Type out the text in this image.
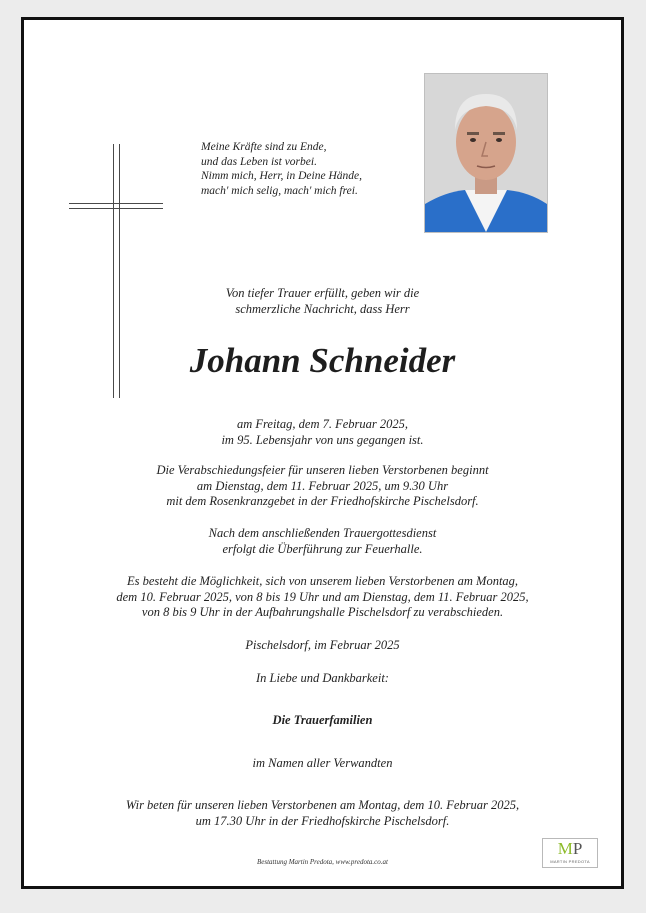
Meine Kräfte sind zu Ende,
und das Leben ist vorbei.
Nimm mich, Herr, in Deine Hände,
mach' mich selig, mach' mich frei.
Von tiefer Trauer erfüllt, geben wir die
schmerzliche Nachricht, dass Herr
Johann Schneider
am Freitag, dem 7. Februar 2025,
im 95. Lebensjahr von uns gegangen ist.
Die Verabschiedungsfeier für unseren lieben Verstorbenen beginnt
am Dienstag, dem 11. Februar 2025, um 9.30 Uhr
mit dem Rosenkranzgebet in der Friedhofskirche Pischelsdorf.
Nach dem anschließenden Trauergottesdienst
erfolgt die Überführung zur Feuerhalle.
Es besteht die Möglichkeit, sich von unserem lieben Verstorbenen am Montag,
dem 10. Februar 2025, von 8 bis 19 Uhr und am Dienstag, dem 11. Februar 2025,
von 8 bis 9 Uhr in der Aufbahrungshalle Pischelsdorf zu verabschieden.
Pischelsdorf, im Februar 2025
In Liebe und Dankbarkeit:
Die Trauerfamilien
im Namen aller Verwandten
Wir beten für unseren lieben Verstorbenen am Montag, dem 10. Februar 2025,
um 17.30 Uhr in der Friedhofskirche Pischelsdorf.
Bestattung Martin Predota, www.predota.co.at
MP
MARTIN PREDOTA
